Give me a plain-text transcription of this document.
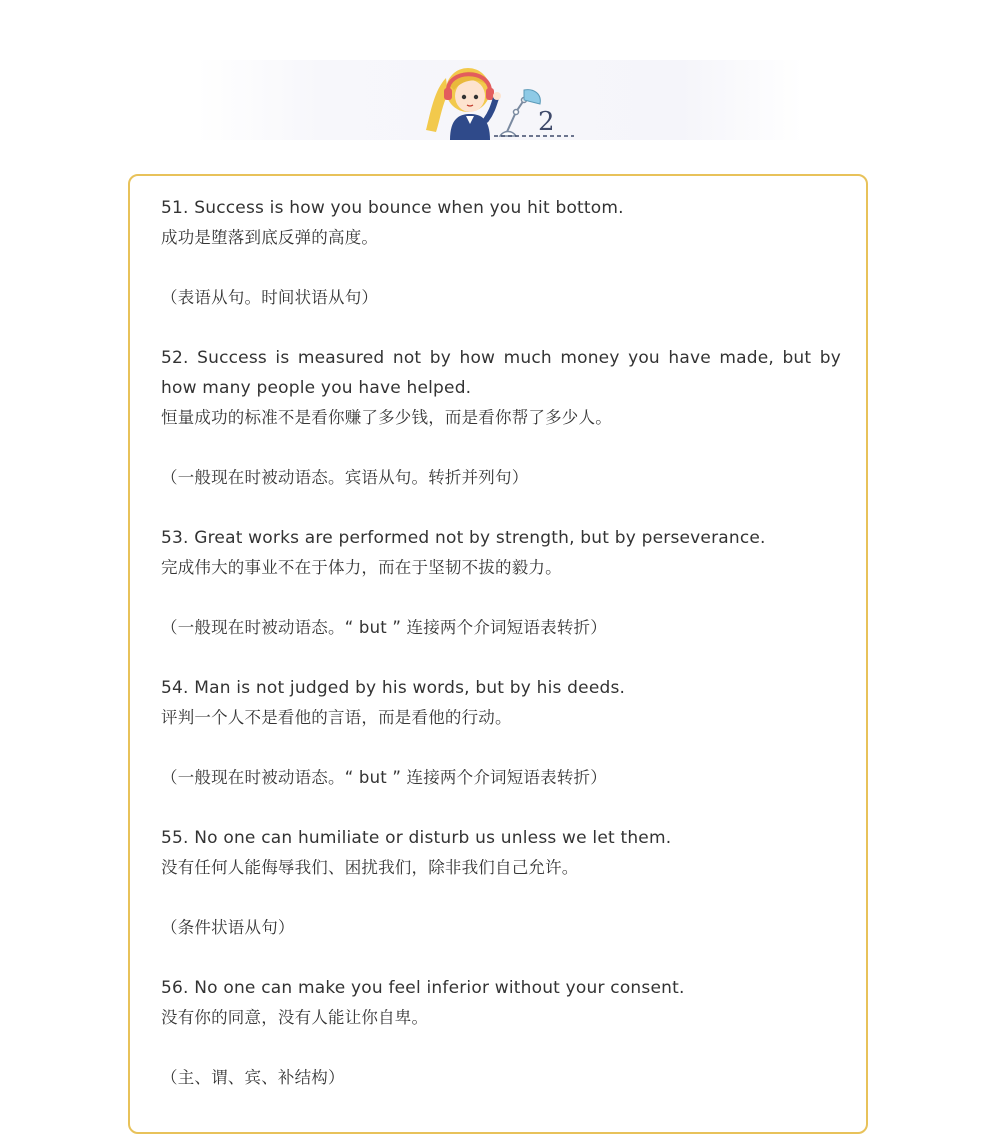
2
51. Success is how you bounce when you hit bottom.
成功是堕落到底反弹的高度。
（表语从句。时间状语从句）
52. Success is measured not by how much money you have made, but by how many people you have helped.
恒量成功的标准不是看你赚了多少钱，而是看你帮了多少人。
（一般现在时被动语态。宾语从句。转折并列句）
53. Great works are performed not by strength, but by perseverance.
完成伟大的事业不在于体力，而在于坚韧不拔的毅力。
（一般现在时被动语态。“ but ” 连接两个介词短语表转折）
54. Man is not judged by his words, but by his deeds.
评判一个人不是看他的言语，而是看他的行动。
（一般现在时被动语态。“ but ” 连接两个介词短语表转折）
55. No one can humiliate or disturb us unless we let them.
没有任何人能侮辱我们、困扰我们，除非我们自己允许。
（条件状语从句）
56. No one can make you feel inferior without your consent.
没有你的同意，没有人能让你自卑。
（主、谓、宾、补结构）
